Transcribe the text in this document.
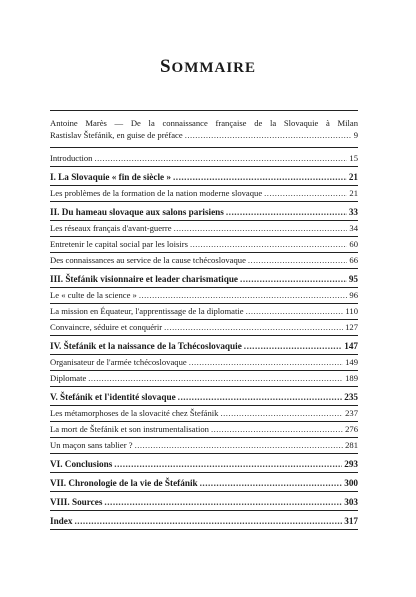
SOMMAIRE
Antoine Marès — De la connaissance française de la Slovaquie à Milan
Rastislav Štefánik, en guise de préface .....	9
Introduction .....	15
I. La Slovaquie « fin de siècle » .....	21
Les problèmes de la formation de la nation moderne slovaque .....	21
II. Du hameau slovaque aux salons parisiens .....	33
Les réseaux français d'avant-guerre .....	34
Entretenir le capital social par les loisirs .....	60
Des connaissances au service de la cause tchécoslovaque .....	66
III. Štefánik visionnaire et leader charismatique .....	95
Le « culte de la science » .....	96
La mission en Équateur, l'apprentissage de la diplomatie .....	110
Convaincre, séduire et conquérir .....	127
IV. Štefánik et la naissance de la Tchécoslovaquie .....	147
Organisateur de l'armée tchécoslovaque .....	149
Diplomate .....	189
V. Štefánik et l'identité slovaque .....	235
Les métamorphoses de la slovacité chez Štefánik .....	237
La mort de Štefánik et son instrumentalisation .....	276
Un maçon sans tablier ? .....	281
VI. Conclusions .....	293
VII. Chronologie de la vie de Štefánik .....	300
VIII. Sources .....	303
Index .....	317
